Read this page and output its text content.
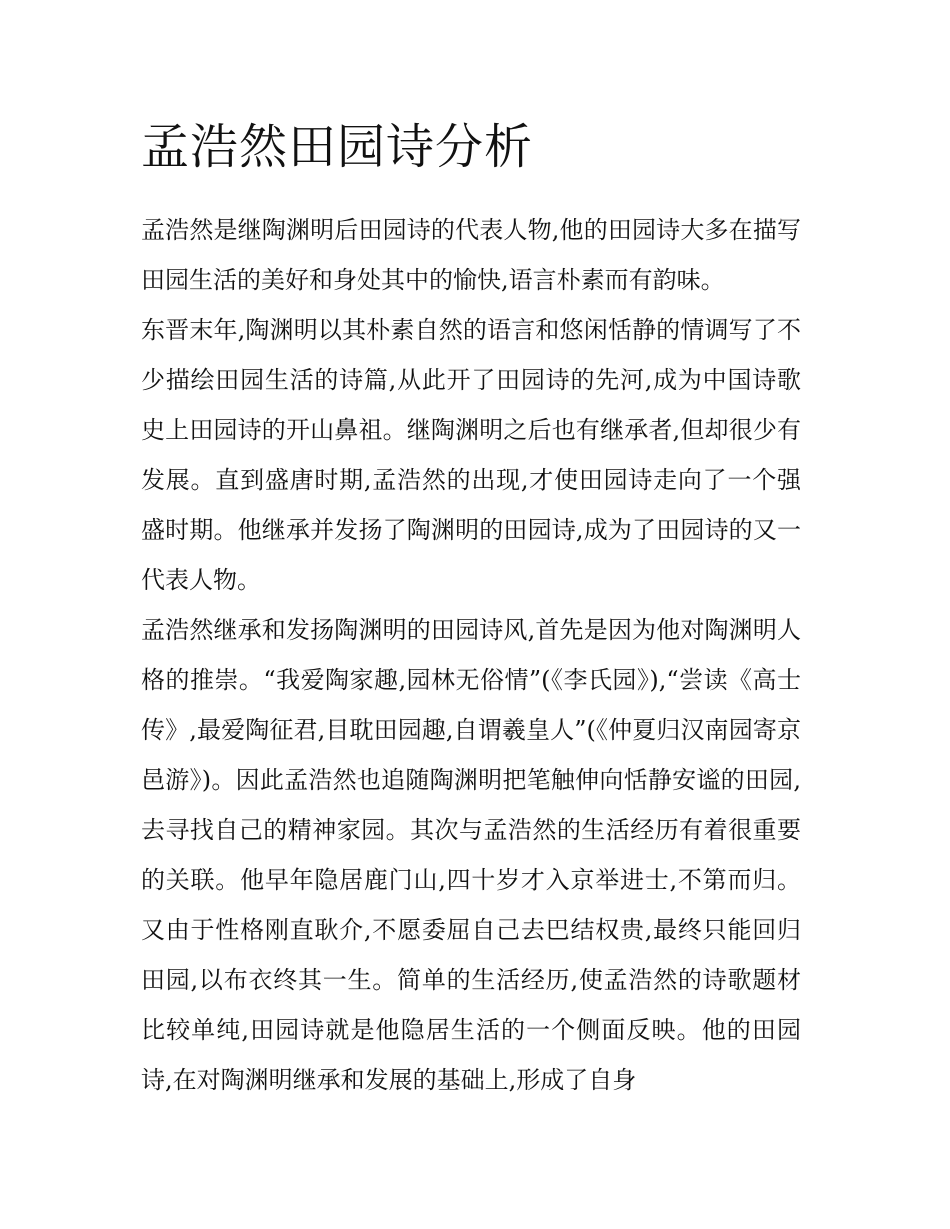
孟浩然田园诗分析

孟浩然是继陶渊明后田园诗的代表人物,他的田园诗大多在描写田园生活的美好和身处其中的愉快,语言朴素而有韵味。

东晋末年,陶渊明以其朴素自然的语言和悠闲恬静的情调写了不少描绘田园生活的诗篇,从此开了田园诗的先河,成为中国诗歌史上田园诗的开山鼻祖。继陶渊明之后也有继承者,但却很少有发展。直到盛唐时期,孟浩然的出现,才使田园诗走向了一个强盛时期。他继承并发扬了陶渊明的田园诗,成为了田园诗的又一代表人物。

孟浩然继承和发扬陶渊明的田园诗风,首先是因为他对陶渊明人格的推崇。“我爱陶家趣,园林无俗情”(《李氏园》),“尝读《高士传》,最爱陶征君,目耽田园趣,自谓羲皇人”(《仲夏归汉南园寄京邑游》)。因此孟浩然也追随陶渊明把笔触伸向恬静安谧的田园,去寻找自己的精神家园。其次与孟浩然的生活经历有着很重要的关联。他早年隐居鹿门山,四十岁才入京举进士,不第而归。又由于性格刚直耿介,不愿委屈自己去巴结权贵,最终只能回归田园,以布衣终其一生。简单的生活经历,使孟浩然的诗歌题材比较单纯,田园诗就是他隐居生活的一个侧面反映。他的田园诗,在对陶渊明继承和发展的基础上,形成了自身
